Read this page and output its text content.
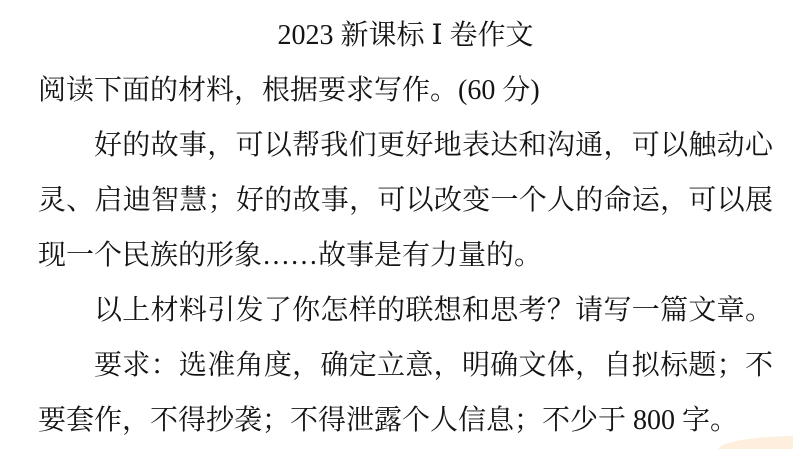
2023 新课标 Ⅰ 卷作文
阅读下面的材料，根据要求写作。(60 分)
好的故事，可以帮我们更好地表达和沟通，可以触动心
灵、启迪智慧；好的故事，可以改变一个人的命运，可以展
现一个民族的形象……故事是有力量的。
以上材料引发了你怎样的联想和思考？请写一篇文章。
要求：选准角度，确定立意，明确文体，自拟标题；不
要套作，不得抄袭；不得泄露个人信息；不少于 800 字。
